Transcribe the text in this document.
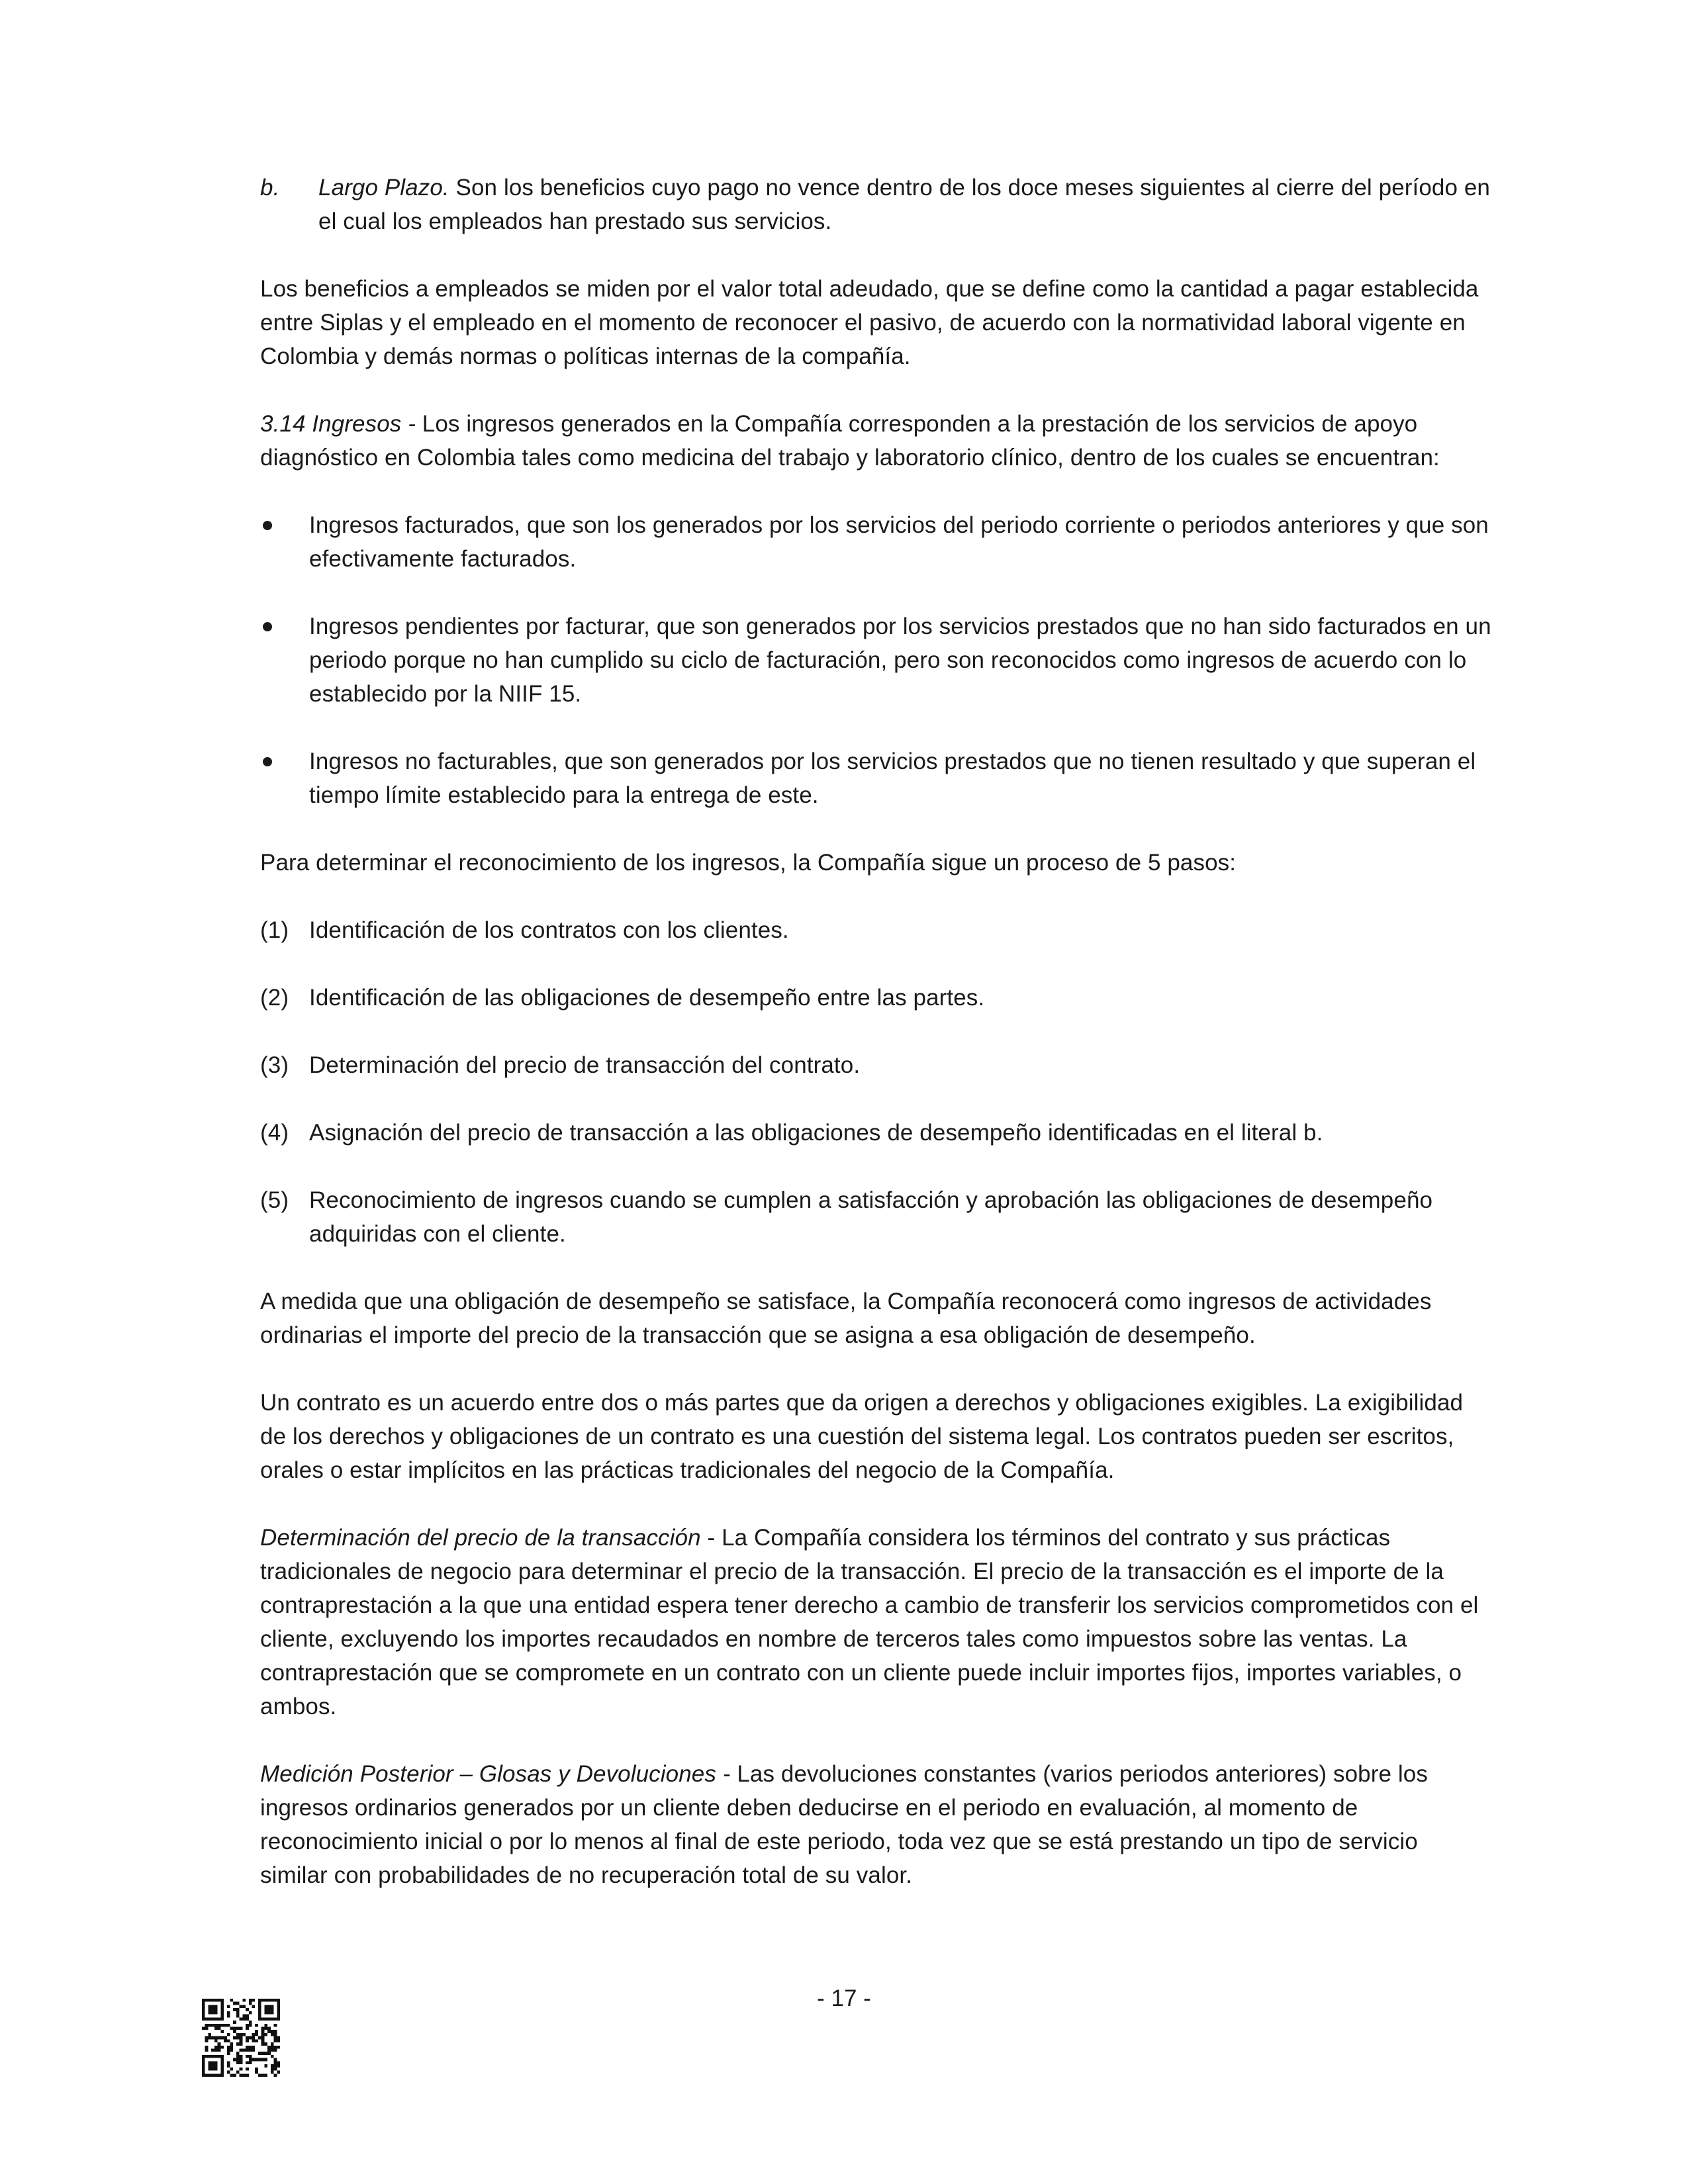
b. Largo Plazo. Son los beneficios cuyo pago no vence dentro de los doce meses siguientes al cierre del período en el cual los empleados han prestado sus servicios.

Los beneficios a empleados se miden por el valor total adeudado, que se define como la cantidad a pagar establecida entre Siplas y el empleado en el momento de reconocer el pasivo, de acuerdo con la normatividad laboral vigente en Colombia y demás normas o políticas internas de la compañía.

3.14 Ingresos - Los ingresos generados en la Compañía corresponden a la prestación de los servicios de apoyo diagnóstico en Colombia tales como medicina del trabajo y laboratorio clínico, dentro de los cuales se encuentran:

Ingresos facturados, que son los generados por los servicios del periodo corriente o periodos anteriores y que son efectivamente facturados.

Ingresos pendientes por facturar, que son generados por los servicios prestados que no han sido facturados en un periodo porque no han cumplido su ciclo de facturación, pero son reconocidos como ingresos de acuerdo con lo establecido por la NIIF 15.

Ingresos no facturables, que son generados por los servicios prestados que no tienen resultado y que superan el tiempo límite establecido para la entrega de este.

Para determinar el reconocimiento de los ingresos, la Compañía sigue un proceso de 5 pasos:

(1) Identificación de los contratos con los clientes.

(2) Identificación de las obligaciones de desempeño entre las partes.

(3) Determinación del precio de transacción del contrato.

(4) Asignación del precio de transacción a las obligaciones de desempeño identificadas en el literal b.

(5) Reconocimiento de ingresos cuando se cumplen a satisfacción y aprobación las obligaciones de desempeño adquiridas con el cliente.

A medida que una obligación de desempeño se satisface, la Compañía reconocerá como ingresos de actividades ordinarias el importe del precio de la transacción que se asigna a esa obligación de desempeño.

Un contrato es un acuerdo entre dos o más partes que da origen a derechos y obligaciones exigibles. La exigibilidad de los derechos y obligaciones de un contrato es una cuestión del sistema legal. Los contratos pueden ser escritos, orales o estar implícitos en las prácticas tradicionales del negocio de la Compañía.

Determinación del precio de la transacción - La Compañía considera los términos del contrato y sus prácticas tradicionales de negocio para determinar el precio de la transacción. El precio de la transacción es el importe de la contraprestación a la que una entidad espera tener derecho a cambio de transferir los servicios comprometidos con el cliente, excluyendo los importes recaudados en nombre de terceros tales como impuestos sobre las ventas. La contraprestación que se compromete en un contrato con un cliente puede incluir importes fijos, importes variables, o ambos.

Medición Posterior – Glosas y Devoluciones - Las devoluciones constantes (varios periodos anteriores) sobre los ingresos ordinarios generados por un cliente deben deducirse en el periodo en evaluación, al momento de reconocimiento inicial o por lo menos al final de este periodo, toda vez que se está prestando un tipo de servicio similar con probabilidades de no recuperación total de su valor.

- 17 -
